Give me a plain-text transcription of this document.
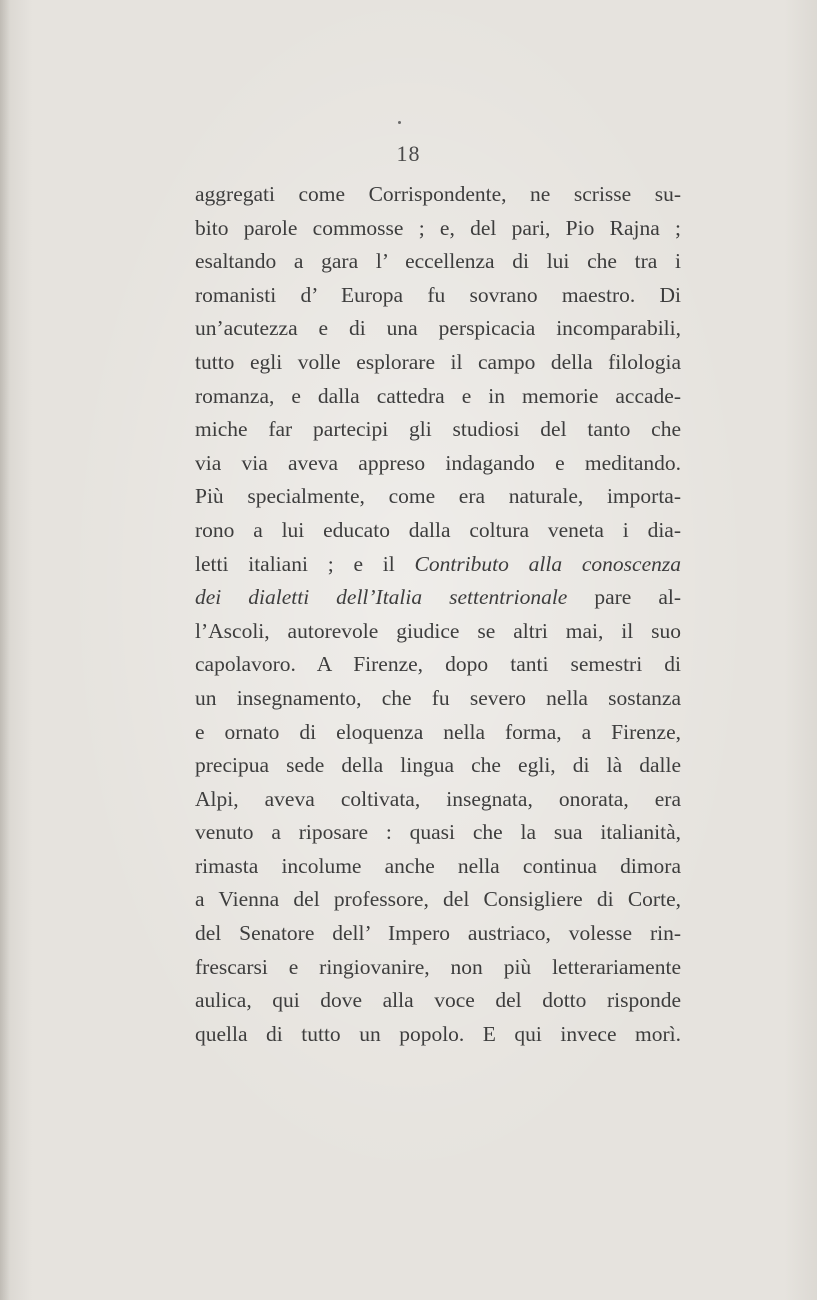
18
aggregati come Corrispondente, ne scrisse su-
bito parole commosse ; e, del pari, Pio Rajna ;
esaltando a gara l’ eccellenza di lui che tra i
romanisti d’ Europa fu sovrano maestro. Di
un’acutezza e di una perspicacia incomparabili,
tutto egli volle esplorare il campo della filologia
romanza, e dalla cattedra e in memorie accade-
miche far partecipi gli studiosi del tanto che
via via aveva appreso indagando e meditando.
Più specialmente, come era naturale, importa-
rono a lui educato dalla coltura veneta i dia-
letti italiani ; e il Contributo alla conoscenza
dei dialetti dell’Italia settentrionale pare al-
l’Ascoli, autorevole giudice se altri mai, il suo
capolavoro. A Firenze, dopo tanti semestri di
un insegnamento, che fu severo nella sostanza
e ornato di eloquenza nella forma, a Firenze,
precipua sede della lingua che egli, di là dalle
Alpi, aveva coltivata, insegnata, onorata, era
venuto a riposare : quasi che la sua italianità,
rimasta incolume anche nella continua dimora
a Vienna del professore, del Consigliere di Corte,
del Senatore dell’ Impero austriaco, volesse rin-
frescarsi e ringiovanire, non più letterariamente
aulica, qui dove alla voce del dotto risponde
quella di tutto un popolo. E qui invece morì.
